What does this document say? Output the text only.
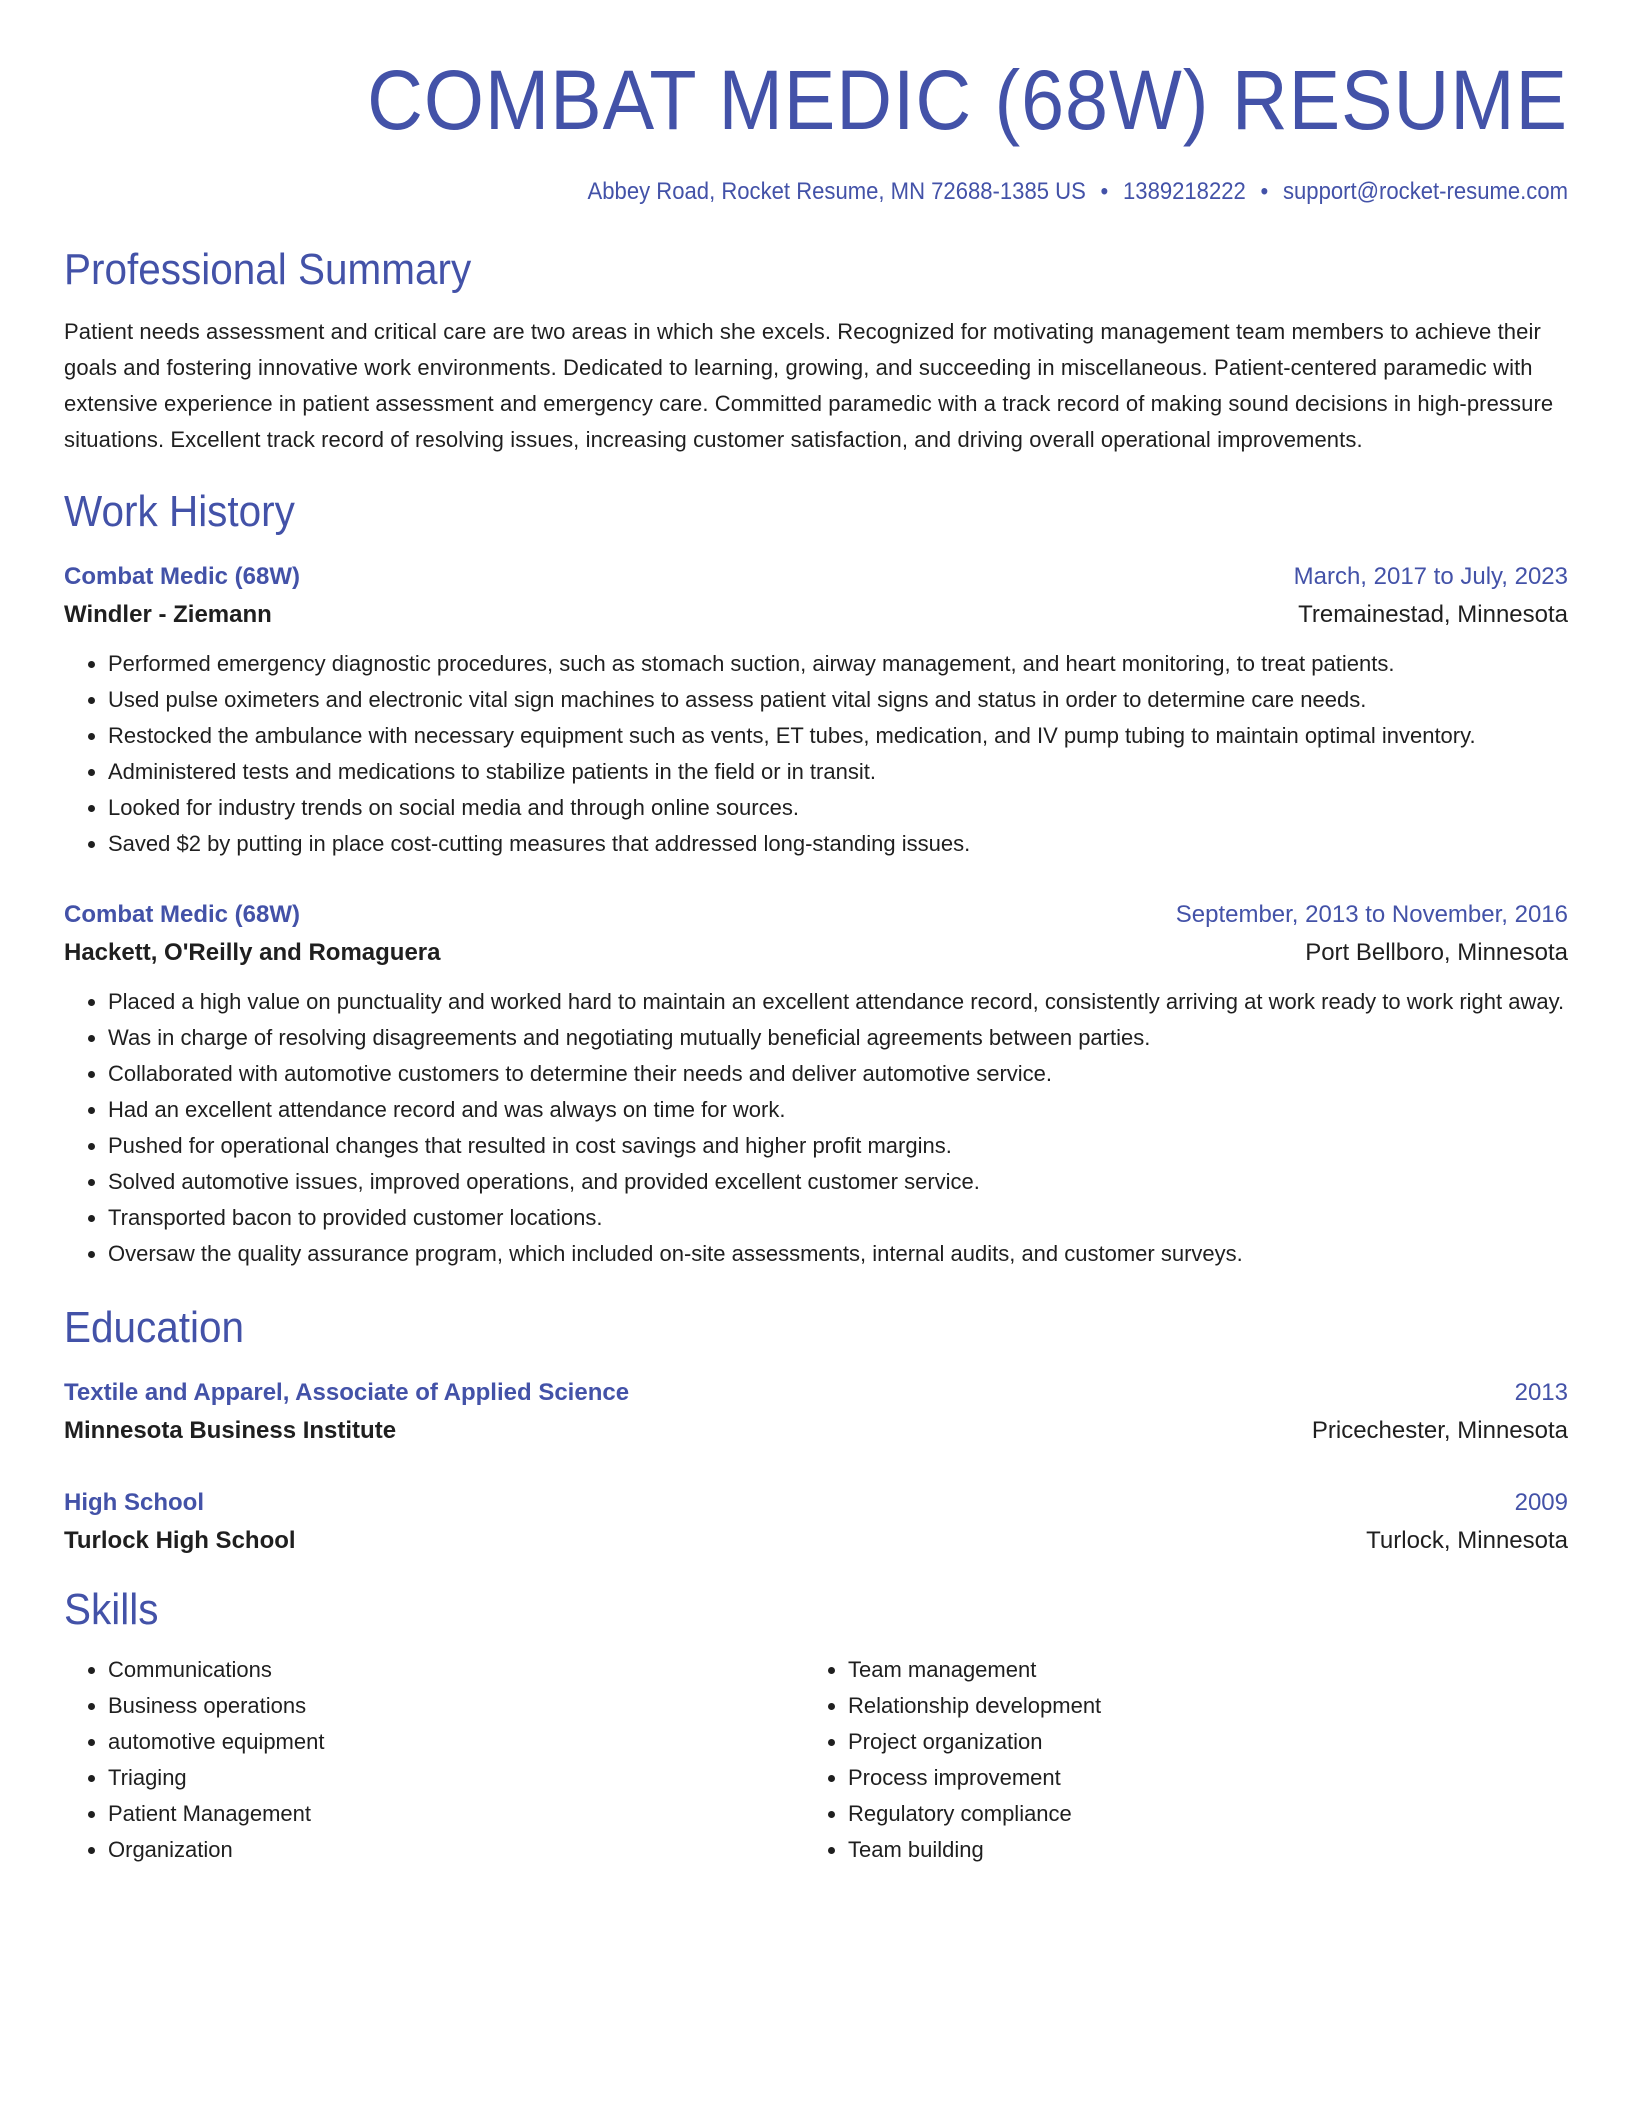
COMBAT MEDIC (68W) RESUME
Abbey Road, Rocket Resume, MN 72688-1385 US • 1389218222 • support@rocket-resume.com
Professional Summary
Patient needs assessment and critical care are two areas in which she excels. Recognized for motivating management team members to achieve their goals and fostering innovative work environments. Dedicated to learning, growing, and succeeding in miscellaneous. Patient-centered paramedic with extensive experience in patient assessment and emergency care. Committed paramedic with a track record of making sound decisions in high-pressure situations. Excellent track record of resolving issues, increasing customer satisfaction, and driving overall operational improvements.
Work History
Combat Medic (68W)	March, 2017 to July, 2023
Windler - Ziemann	Tremainestad, Minnesota
• Performed emergency diagnostic procedures, such as stomach suction, airway management, and heart monitoring, to treat patients.
• Used pulse oximeters and electronic vital sign machines to assess patient vital signs and status in order to determine care needs.
• Restocked the ambulance with necessary equipment such as vents, ET tubes, medication, and IV pump tubing to maintain optimal inventory.
• Administered tests and medications to stabilize patients in the field or in transit.
• Looked for industry trends on social media and through online sources.
• Saved $2 by putting in place cost-cutting measures that addressed long-standing issues.
Combat Medic (68W)	September, 2013 to November, 2016
Hackett, O'Reilly and Romaguera	Port Bellboro, Minnesota
• Placed a high value on punctuality and worked hard to maintain an excellent attendance record, consistently arriving at work ready to work right away.
• Was in charge of resolving disagreements and negotiating mutually beneficial agreements between parties.
• Collaborated with automotive customers to determine their needs and deliver automotive service.
• Had an excellent attendance record and was always on time for work.
• Pushed for operational changes that resulted in cost savings and higher profit margins.
• Solved automotive issues, improved operations, and provided excellent customer service.
• Transported bacon to provided customer locations.
• Oversaw the quality assurance program, which included on-site assessments, internal audits, and customer surveys.
Education
Textile and Apparel, Associate of Applied Science	2013
Minnesota Business Institute	Pricechester, Minnesota
High School	2009
Turlock High School	Turlock, Minnesota
Skills
• Communications
• Business operations
• automotive equipment
• Triaging
• Patient Management
• Organization
• Team management
• Relationship development
• Project organization
• Process improvement
• Regulatory compliance
• Team building
